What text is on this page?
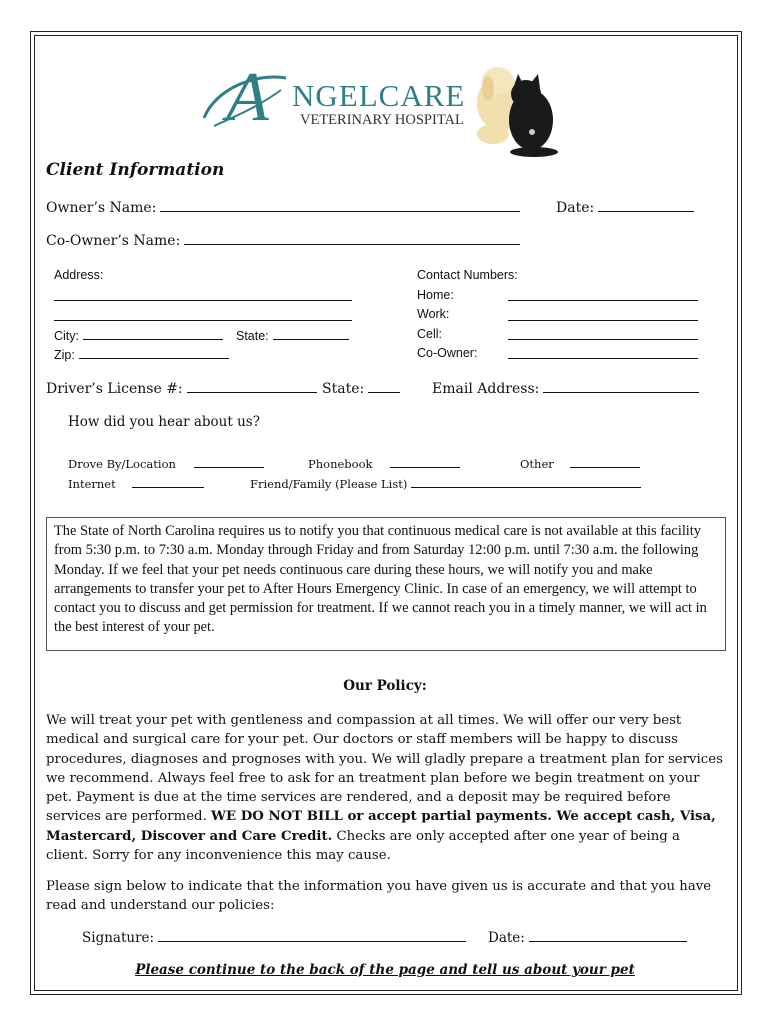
A NGELCARE
VETERINARY HOSPITAL
Client Information
Owner’s Name:	Date:
Co-Owner’s Name:
Address:
City:	State:
Zip:
Contact Numbers:
Home:
Work:
Cell:
Co-Owner:
Driver’s License #:	State:	Email Address:
How did you hear about us?
Drove By/Location	Phonebook	Other
Internet	Friend/Family (Please List)
The State of North Carolina requires us to notify you that continuous medical care is not available at this facility from 5:30 p.m. to 7:30 a.m. Monday through Friday and from Saturday 12:00 p.m. until 7:30 a.m. the following Monday. If we feel that your pet needs continuous care during these hours, we will notify you and make arrangements to transfer your pet to After Hours Emergency Clinic. In case of an emergency, we will attempt to contact you to discuss and get permission for treatment. If we cannot reach you in a timely manner, we will act in the best interest of your pet.
Our Policy:
We will treat your pet with gentleness and compassion at all times. We will offer our very best medical and surgical care for your pet. Our doctors or staff members will be happy to discuss procedures, diagnoses and prognoses with you. We will gladly prepare a treatment plan for services we recommend. Always feel free to ask for an treatment plan before we begin treatment on your pet. Payment is due at the time services are rendered, and a deposit may be required before services are performed. WE DO NOT BILL or accept partial payments. We accept cash, Visa, Mastercard, Discover and Care Credit. Checks are only accepted after one year of being a client. Sorry for any inconvenience this may cause.
Please sign below to indicate that the information you have given us is accurate and that you have read and understand our policies:
Signature:	Date:
Please continue to the back of the page and tell us about your pet
